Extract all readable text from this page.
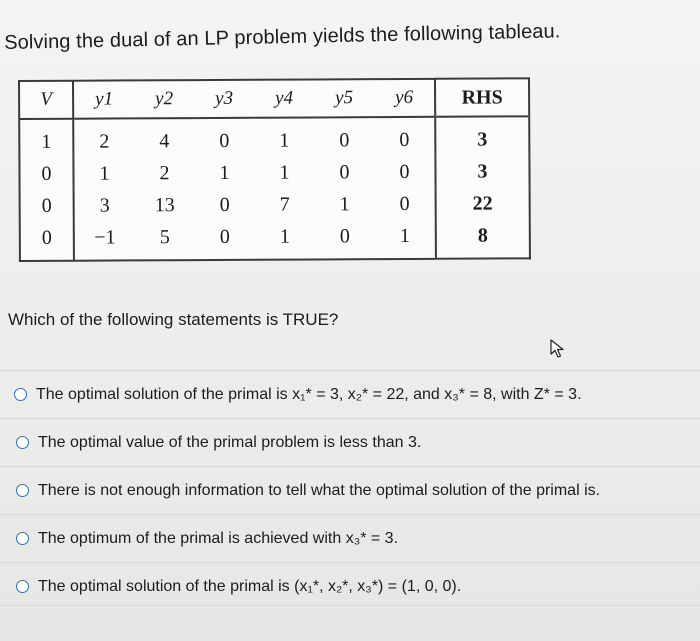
Solving the dual of an LP problem yields the following tableau.
V	y1	y2	y3	y4	y5	y6	RHS
1	2	4	0	1	0	0	3
0	1	2	1	1	0	0	3
0	3	13	0	7	1	0	22
0	−1	5	0	1	0	1	8
Which of the following statements is TRUE?
The optimal solution of the primal is x₁* = 3, x₂* = 22, and x₃* = 8, with Z* = 3.
The optimal value of the primal problem is less than 3.
There is not enough information to tell what the optimal solution of the primal is.
The optimum of the primal is achieved with x₃* = 3.
The optimal solution of the primal is (x₁*, x₂*, x₃*) = (1, 0, 0).
